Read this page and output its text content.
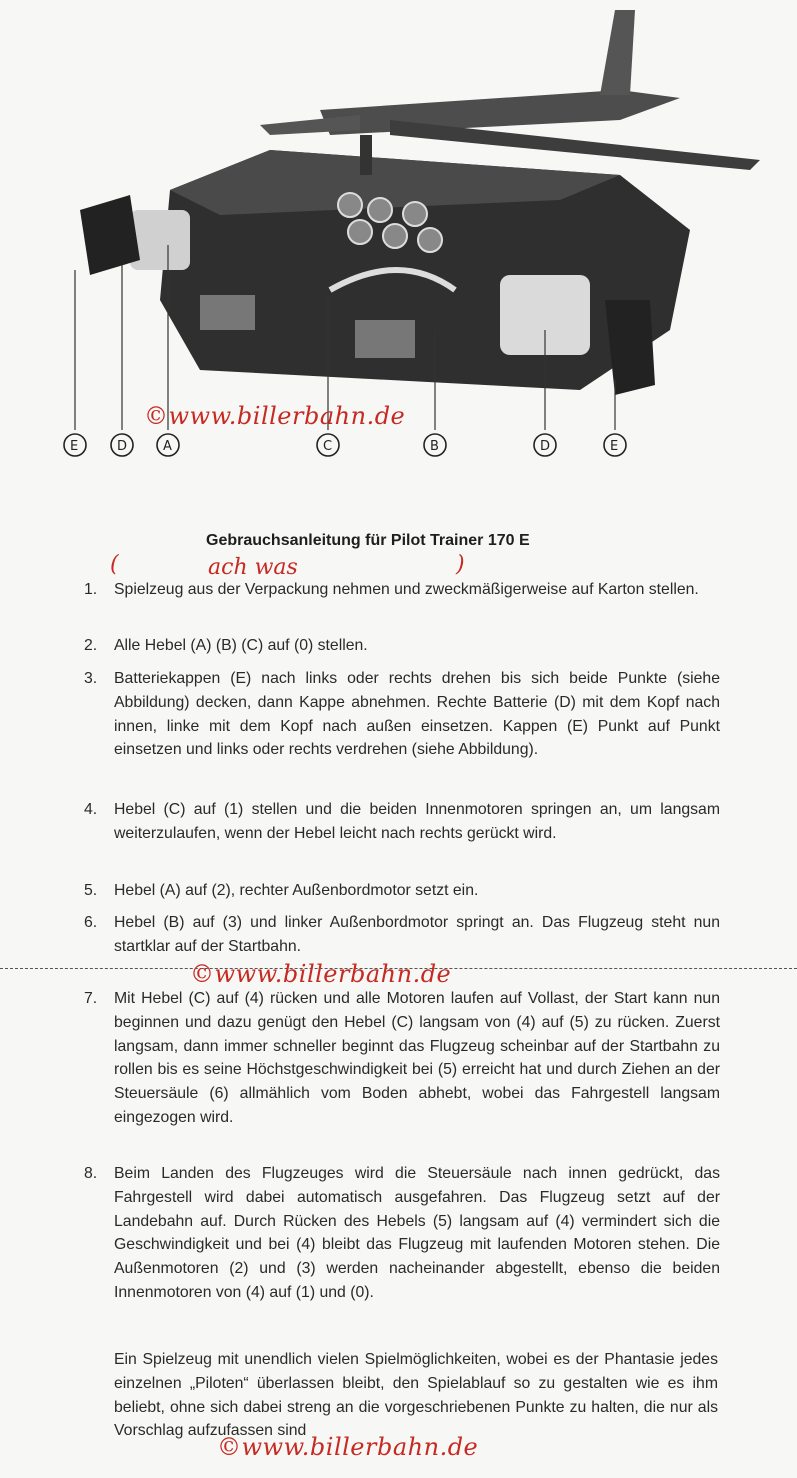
E	D	A	C	B	D	E
©www.billerbahn.de
Gebrauchsanleitung für Pilot Trainer 170 E
(	ach was	)
1.	Spielzeug aus der Verpackung nehmen und zweckmäßigerweise auf Karton stellen.
2.	Alle Hebel (A) (B) (C) auf (0) stellen.
3.	Batteriekappen (E) nach links oder rechts drehen bis sich beide Punkte (siehe Abbildung) decken, dann Kappe abnehmen. Rechte Batterie (D) mit dem Kopf nach innen, linke mit dem Kopf nach außen einsetzen. Kappen (E) Punkt auf Punkt einsetzen und links oder rechts verdrehen (siehe Abbildung).
4.	Hebel (C) auf (1) stellen und die beiden Innenmotoren springen an, um langsam weiterzulaufen, wenn der Hebel leicht nach rechts gerückt wird.
5.	Hebel (A) auf (2), rechter Außenbordmotor setzt ein.
6.	Hebel (B) auf (3) und linker Außenbordmotor springt an. Das Flugzeug steht nun startklar auf der Startbahn.
©www.billerbahn.de
7.	Mit Hebel (C) auf (4) rücken und alle Motoren laufen auf Vollast, der Start kann nun beginnen und dazu genügt den Hebel (C) langsam von (4) auf (5) zu rücken. Zuerst langsam, dann immer schneller beginnt das Flugzeug scheinbar auf der Startbahn zu rollen bis es seine Höchstgeschwindigkeit bei (5) erreicht hat und durch Ziehen an der Steuersäule (6) allmählich vom Boden abhebt, wobei das Fahrgestell langsam eingezogen wird.
8.	Beim Landen des Flugzeuges wird die Steuersäule nach innen gedrückt, das Fahrgestell wird dabei automatisch ausgefahren. Das Flugzeug setzt auf der Landebahn auf. Durch Rücken des Hebels (5) langsam auf (4) vermindert sich die Geschwindigkeit und bei (4) bleibt das Flugzeug mit laufenden Motoren stehen. Die Außenmotoren (2) und (3) werden nacheinander abgestellt, ebenso die beiden Innenmotoren von (4) auf (1) und (0).
Ein Spielzeug mit unendlich vielen Spielmöglichkeiten, wobei es der Phantasie jedes einzelnen „Piloten“ überlassen bleibt, den Spielablauf so zu gestalten wie es ihm beliebt, ohne sich dabei streng an die vorgeschriebenen Punkte zu halten, die nur als Vorschlag aufzufassen sind
©www.billerbahn.de
